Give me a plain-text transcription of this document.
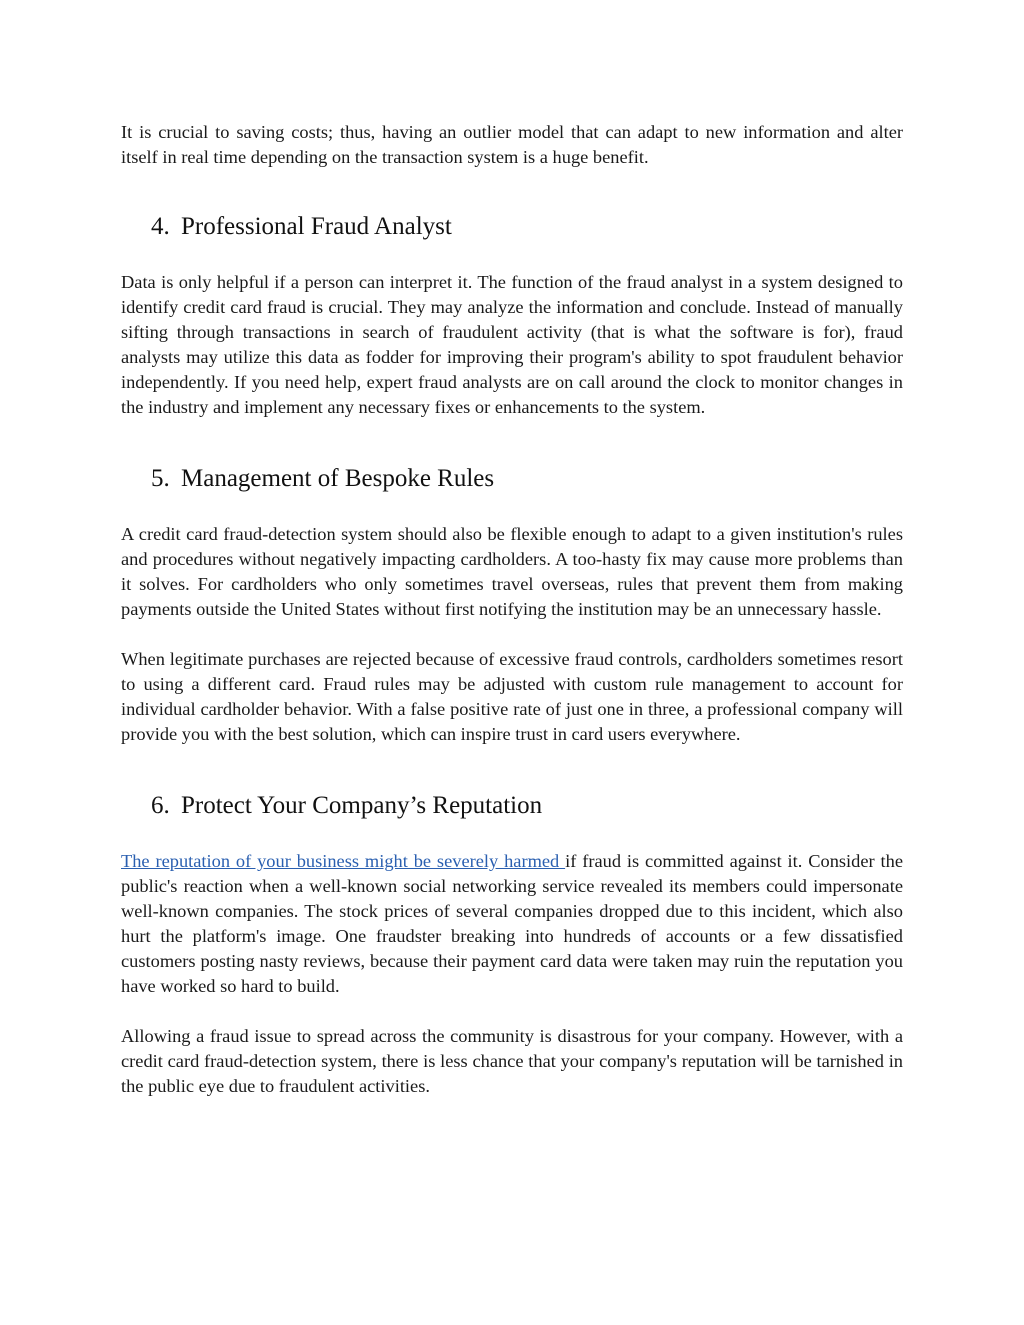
It is crucial to saving costs; thus, having an outlier model that can adapt to new information and alter itself in real time depending on the transaction system is a huge benefit.

4. Professional Fraud Analyst

Data is only helpful if a person can interpret it. The function of the fraud analyst in a system designed to identify credit card fraud is crucial. They may analyze the information and conclude. Instead of manually sifting through transactions in search of fraudulent activity (that is what the software is for), fraud analysts may utilize this data as fodder for improving their program's ability to spot fraudulent behavior independently. If you need help, expert fraud analysts are on call around the clock to monitor changes in the industry and implement any necessary fixes or enhancements to the system.

5. Management of Bespoke Rules

A credit card fraud-detection system should also be flexible enough to adapt to a given institution's rules and procedures without negatively impacting cardholders. A too-hasty fix may cause more problems than it solves. For cardholders who only sometimes travel overseas, rules that prevent them from making payments outside the United States without first notifying the institution may be an unnecessary hassle.

When legitimate purchases are rejected because of excessive fraud controls, cardholders sometimes resort to using a different card. Fraud rules may be adjusted with custom rule management to account for individual cardholder behavior. With a false positive rate of just one in three, a professional company will provide you with the best solution, which can inspire trust in card users everywhere.

6. Protect Your Company’s Reputation

The reputation of your business might be severely harmed if fraud is committed against it. Consider the public's reaction when a well-known social networking service revealed its members could impersonate well-known companies. The stock prices of several companies dropped due to this incident, which also hurt the platform's image. One fraudster breaking into hundreds of accounts or a few dissatisfied customers posting nasty reviews, because their payment card data were taken may ruin the reputation you have worked so hard to build.

Allowing a fraud issue to spread across the community is disastrous for your company. However, with a credit card fraud-detection system, there is less chance that your company's reputation will be tarnished in the public eye due to fraudulent activities.
